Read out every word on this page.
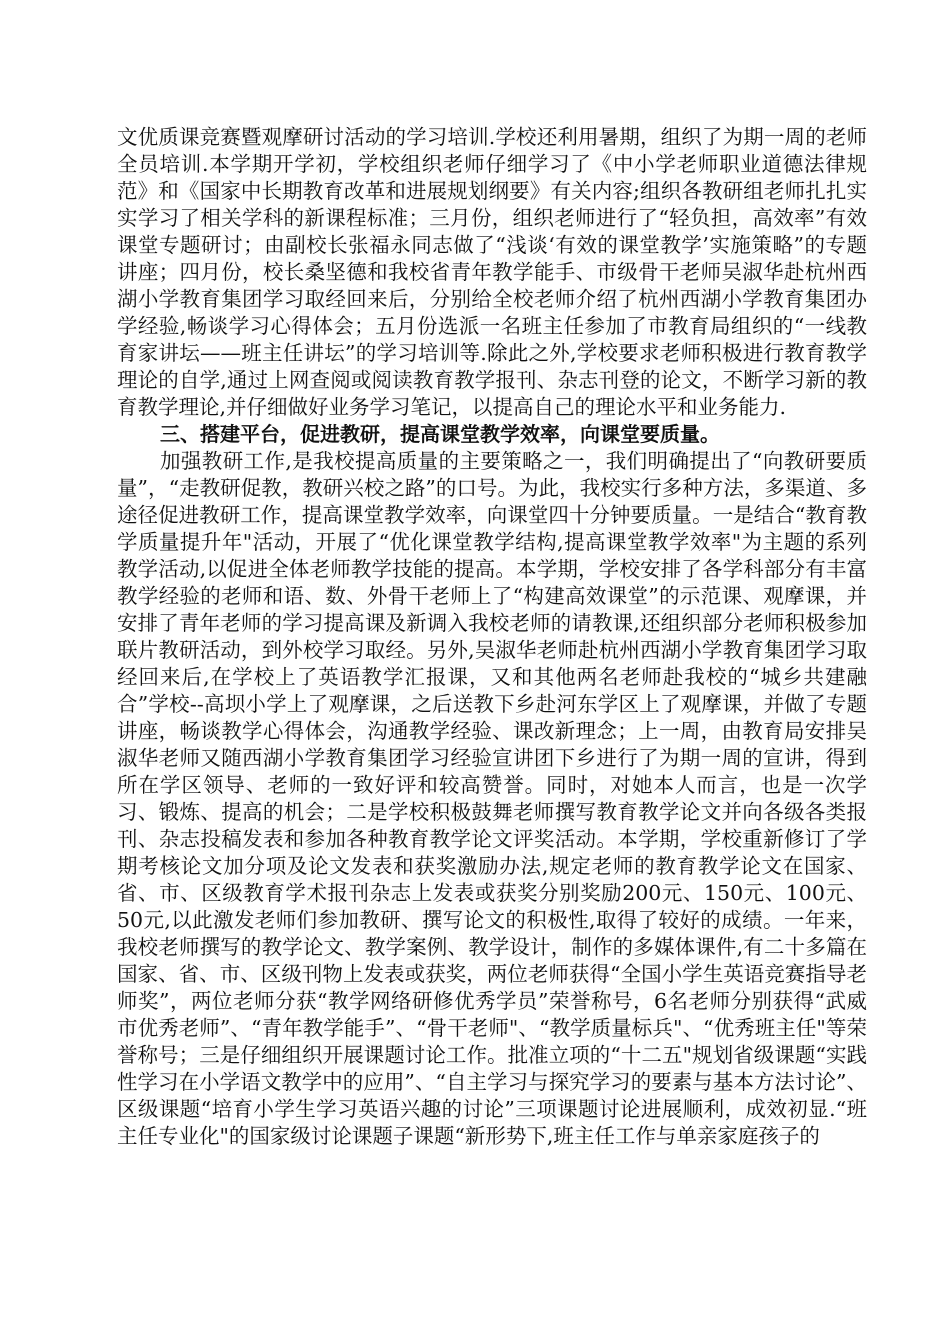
文优质课竞赛暨观摩研讨活动的学习培训.学校还利用暑期，组织了为期一周的老师全员培训.本学期开学初，学校组织老师仔细学习了《中小学老师职业道德法律规范》和《国家中长期教育改革和进展规划纲要》有关内容;组织各教研组老师扎扎实实学习了相关学科的新课程标准；三月份，组织老师进行了“轻负担，高效率”有效课堂专题研讨；由副校长张福永同志做了“浅谈‘有效的课堂教学’实施策略”的专题讲座；四月份，校长桑坚德和我校省青年教学能手、市级骨干老师吴淑华赴杭州西湖小学教育集团学习取经回来后，分别给全校老师介绍了杭州西湖小学教育集团办学经验,畅谈学习心得体会；五月份选派一名班主任参加了市教育局组织的“一线教育家讲坛——班主任讲坛”的学习培训等.除此之外,学校要求老师积极进行教育教学理论的自学,通过上网查阅或阅读教育教学报刊、杂志刊登的论文，不断学习新的教育教学理论,并仔细做好业务学习笔记，以提高自己的理论水平和业务能力.

三、搭建平台，促进教研，提高课堂教学效率，向课堂要质量。

加强教研工作,是我校提高质量的主要策略之一，我们明确提出了“向教研要质量”，“走教研促教，教研兴校之路”的口号。为此，我校实行多种方法，多渠道、多途径促进教研工作，提高课堂教学效率，向课堂四十分钟要质量。一是结合“教育教学质量提升年"活动，开展了“优化课堂教学结构,提高课堂教学效率"为主题的系列教学活动,以促进全体老师教学技能的提高。本学期，学校安排了各学科部分有丰富教学经验的老师和语、数、外骨干老师上了“构建高效课堂”的示范课、观摩课，并安排了青年老师的学习提高课及新调入我校老师的请教课,还组织部分老师积极参加联片教研活动，到外校学习取经。另外,吴淑华老师赴杭州西湖小学教育集团学习取经回来后,在学校上了英语教学汇报课，又和其他两名老师赴我校的“城乡共建融合”学校--高坝小学上了观摩课，之后送教下乡赴河东学区上了观摩课，并做了专题讲座，畅谈教学心得体会，沟通教学经验、课改新理念；上一周，由教育局安排吴淑华老师又随西湖小学教育集团学习经验宣讲团下乡进行了为期一周的宣讲，得到所在学区领导、老师的一致好评和较高赞誉。同时，对她本人而言，也是一次学习、锻炼、提高的机会；二是学校积极鼓舞老师撰写教育教学论文并向各级各类报刊、杂志投稿发表和参加各种教育教学论文评奖活动。本学期，学校重新修订了学期考核论文加分项及论文发表和获奖激励办法,规定老师的教育教学论文在国家、省、市、区级教育学术报刊杂志上发表或获奖分别奖励200元、150元、100元、50元,以此激发老师们参加教研、撰写论文的积极性,取得了较好的成绩。一年来，我校老师撰写的教学论文、教学案例、教学设计，制作的多媒体课件,有二十多篇在国家、省、市、区级刊物上发表或获奖，两位老师获得“全国小学生英语竞赛指导老师奖”，两位老师分获“教学网络研修优秀学员”荣誉称号，6名老师分别获得“武威市优秀老师”、“青年教学能手”、“骨干老师"、“教学质量标兵"、“优秀班主任"等荣誉称号；三是仔细组织开展课题讨论工作。批准立项的“十二五"规划省级课题“实践性学习在小学语文教学中的应用”、“自主学习与探究学习的要素与基本方法讨论”、区级课题“培育小学生学习英语兴趣的讨论”三项课题讨论进展顺利，成效初显.“班主任专业化"的国家级讨论课题子课题“新形势下,班主任工作与单亲家庭孩子的
